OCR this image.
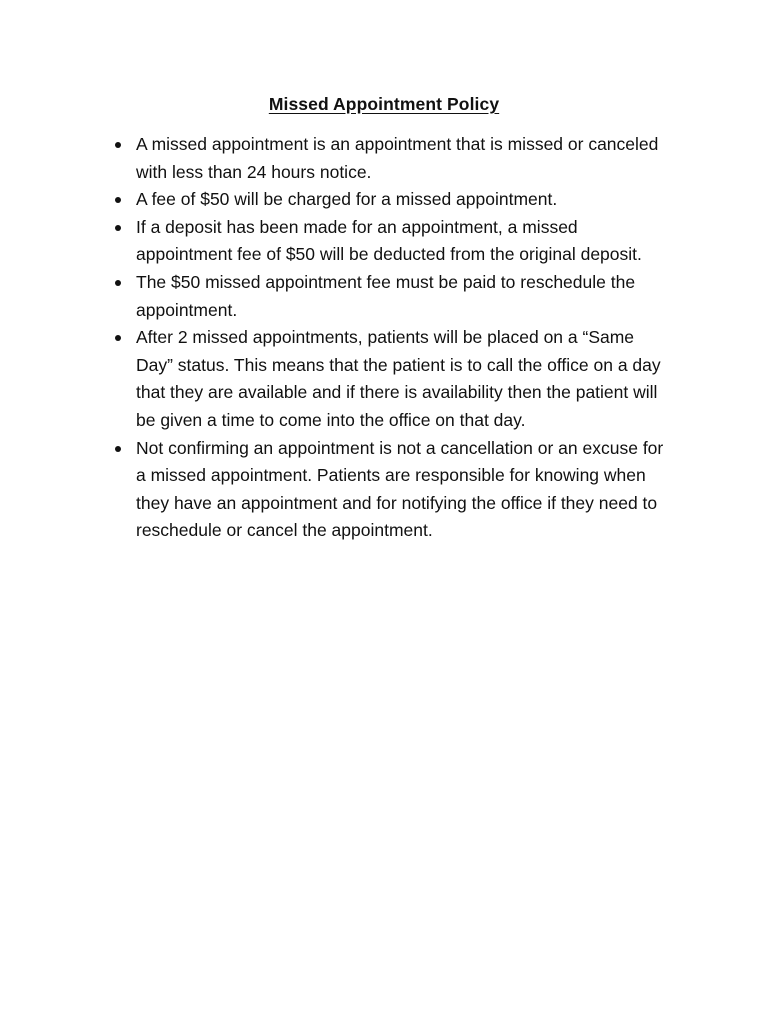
Missed Appointment Policy
A missed appointment is an appointment that is missed or canceled with less than 24 hours notice.
A fee of $50 will be charged for a missed appointment.
If a deposit has been made for an appointment, a missed appointment fee of $50 will be deducted from the original deposit.
The $50 missed appointment fee must be paid to reschedule the appointment.
After 2 missed appointments, patients will be placed on a “Same Day” status. This means that the patient is to call the office on a day that they are available and if there is availability then the patient will be given a time to come into the office on that day.
Not confirming an appointment is not a cancellation or an excuse for a missed appointment. Patients are responsible for knowing when they have an appointment and for notifying the office if they need to reschedule or cancel the appointment.
